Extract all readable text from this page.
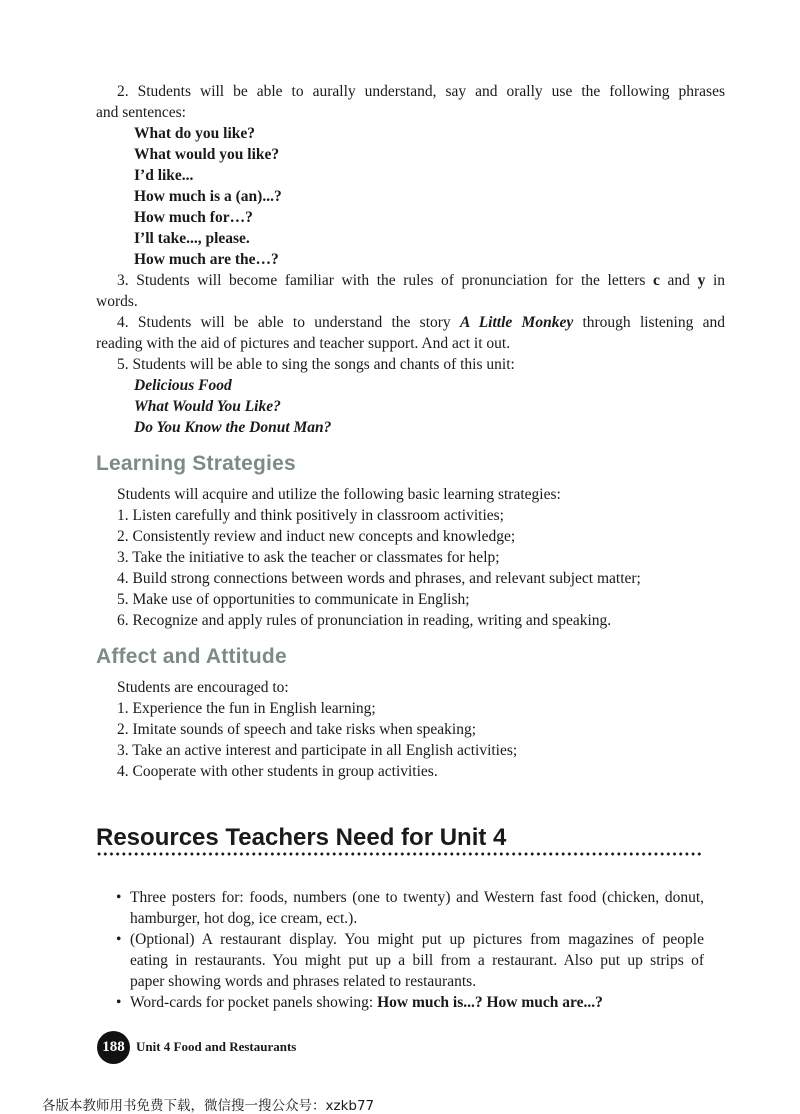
2. Students will be able to aurally understand, say and orally use the following phrases
and sentences:
What do you like?
What would you like?
I’d like...
How much is a (an)...?
How much for…?
I’ll take..., please.
How much are the…?
3. Students will become familiar with the rules of pronunciation for the letters c and y in
words.
4. Students will be able to understand the story A Little Monkey through listening and
reading with the aid of pictures and teacher support. And act it out.
5. Students will be able to sing the songs and chants of this unit:
Delicious Food
What Would You Like?
Do You Know the Donut Man?
Learning Strategies
Students will acquire and utilize the following basic learning strategies:
1. Listen carefully and think positively in classroom activities;
2. Consistently review and induct new concepts and knowledge;
3. Take the initiative to ask the teacher or classmates for help;
4. Build strong connections between words and phrases, and relevant subject matter;
5. Make use of opportunities to communicate in English;
6. Recognize and apply rules of pronunciation in reading, writing and speaking.
Affect and Attitude
Students are encouraged to:
1. Experience the fun in English learning;
2. Imitate sounds of speech and take risks when speaking;
3. Take an active interest and participate in all English activities;
4. Cooperate with other students in group activities.
Resources Teachers Need for Unit 4
• Three posters for: foods, numbers (one to twenty) and Western fast food (chicken, donut,
hamburger, hot dog, ice cream, ect.).
• (Optional) A restaurant display. You might put up pictures from magazines of people
eating in restaurants. You might put up a bill from a restaurant. Also put up strips of
paper showing words and phrases related to restaurants.
• Word-cards for pocket panels showing: How much is...? How much are...?
188 Unit 4 Food and Restaurants
各版本教师用书免费下载，微信搜一搜公众号：xzkb77
